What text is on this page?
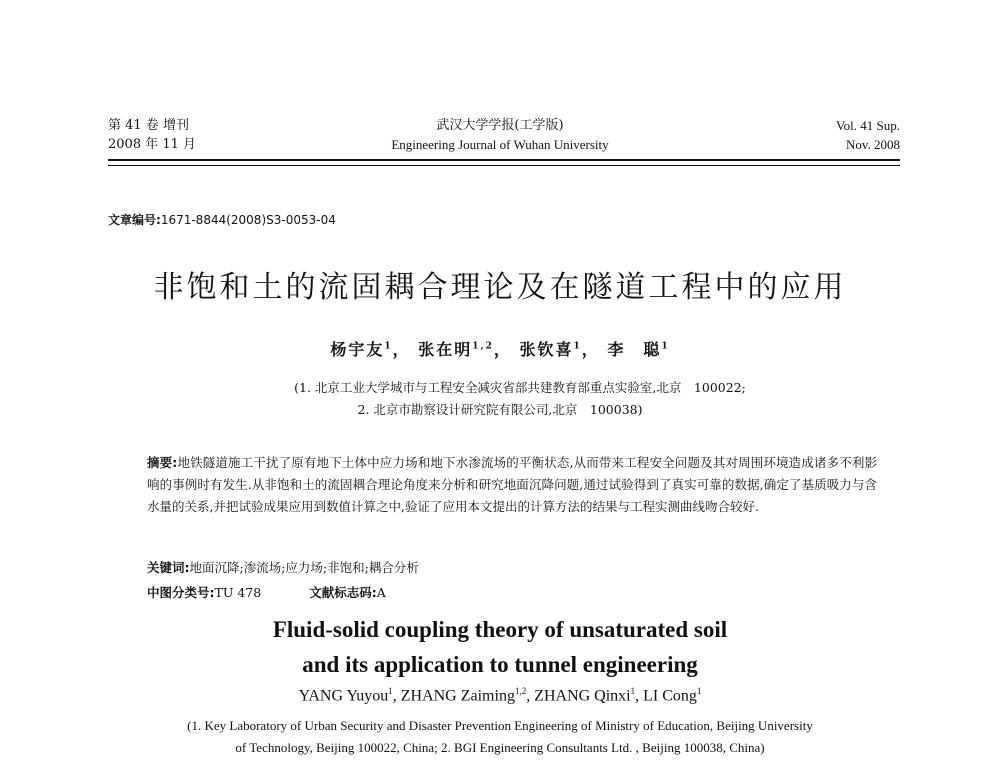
第 41 卷 增刊
2008 年 11 月
武汉大学学报(工学版)
Engineering Journal of Wuhan University
Vol. 41 Sup.
Nov. 2008
文章编号:1671-8844(2008)S3-0053-04
非饱和土的流固耦合理论及在隧道工程中的应用
杨宇友$^1$， 张在明$^{1,2}$， 张钦喜$^1$， 李　聪$^1$
(1. 北京工业大学城市与工程安全减灾省部共建教育部重点实验室,北京　100022;
2. 北京市勘察设计研究院有限公司,北京　100038)
摘要:地铁隧道施工干扰了原有地下土体中应力场和地下水渗流场的平衡状态,从而带来工程安全问题及其对周围环境造成诸多不利影响的事例时有发生.从非饱和土的流固耦合理论角度来分析和研究地面沉降问题,通过试验得到了真实可靠的数据,确定了基质吸力与含水量的关系,并把试验成果应用到数值计算之中,验证了应用本文提出的计算方法的结果与工程实测曲线吻合较好.
关键词:地面沉降;渗流场;应力场;非饱和;耦合分析
中图分类号:TU 478	文献标志码:A
Fluid-solid coupling theory of unsaturated soil
and its application to tunnel engineering
YANG Yuyou$^1$, ZHANG Zaiming$^{1,2}$, ZHANG Qinxi$^1$, LI Cong$^1$
(1. Key Laboratory of Urban Security and Disaster Prevention Engineering of Ministry of Education, Beijing University
of Technology, Beijing 100022, China; 2. BGI Engineering Consultants Ltd. , Beijing 100038, China)
